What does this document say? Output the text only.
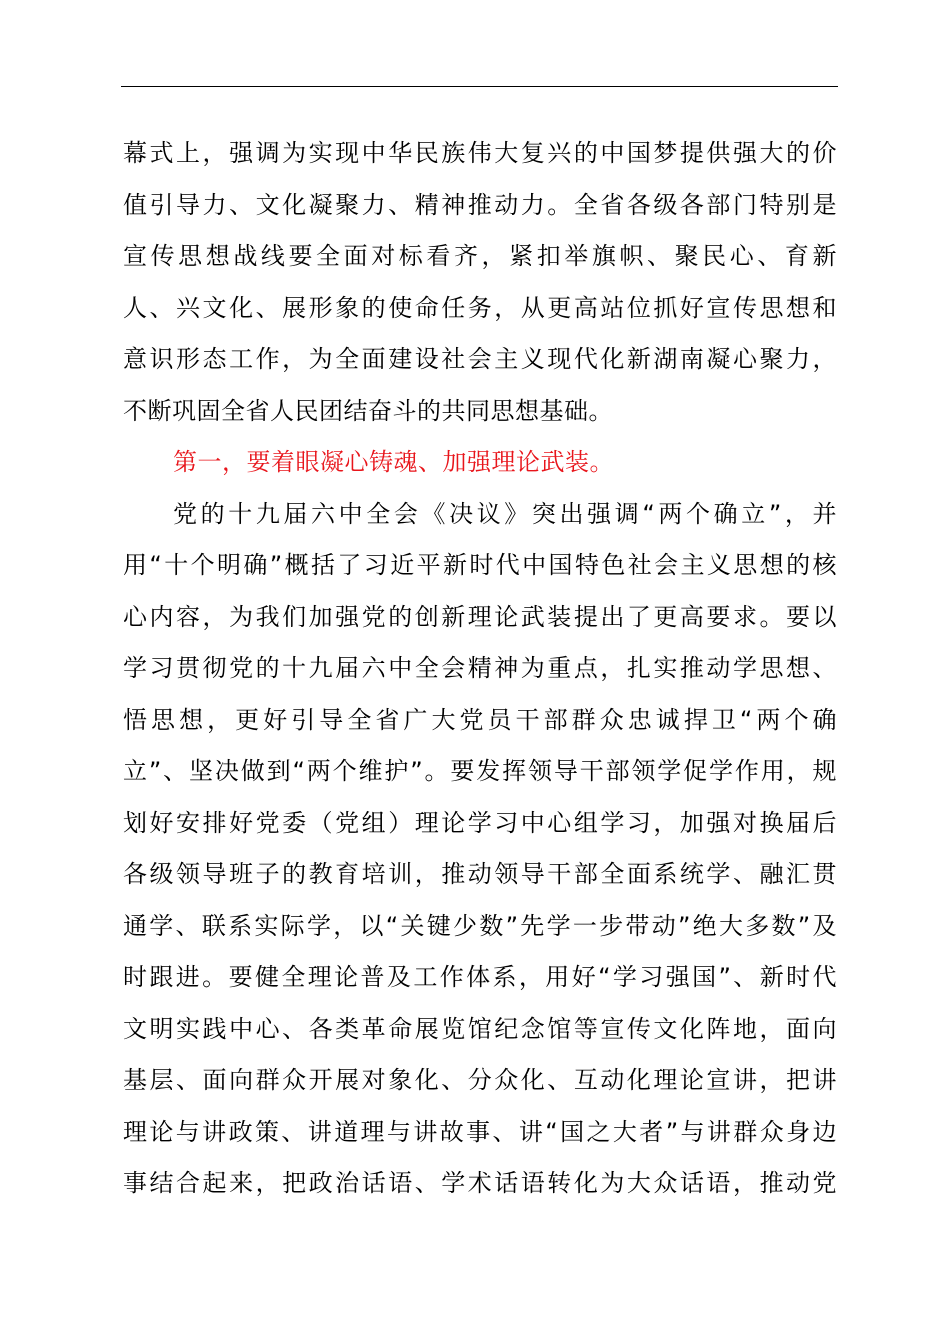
幕式上，强调为实现中华民族伟大复兴的中国梦提供强大的价
值引导力、文化凝聚力、精神推动力。全省各级各部门特别是
宣传思想战线要全面对标看齐，紧扣举旗帜、聚民心、育新
人、兴文化、展形象的使命任务，从更高站位抓好宣传思想和
意识形态工作，为全面建设社会主义现代化新湖南凝心聚力，
不断巩固全省人民团结奋斗的共同思想基础。
第一，要着眼凝心铸魂、加强理论武装。
党的十九届六中全会《决议》突出强调“两个确立”，并
用“十个明确”概括了习近平新时代中国特色社会主义思想的核
心内容，为我们加强党的创新理论武装提出了更高要求。要以
学习贯彻党的十九届六中全会精神为重点，扎实推动学思想、
悟思想，更好引导全省广大党员干部群众忠诚捍卫“两个确
立”、坚决做到“两个维护”。要发挥领导干部领学促学作用，规
划好安排好党委（党组）理论学习中心组学习，加强对换届后
各级领导班子的教育培训，推动领导干部全面系统学、融汇贯
通学、联系实际学，以“关键少数”先学一步带动”绝大多数”及
时跟进。要健全理论普及工作体系，用好“学习强国”、新时代
文明实践中心、各类革命展览馆纪念馆等宣传文化阵地，面向
基层、面向群众开展对象化、分众化、互动化理论宣讲，把讲
理论与讲政策、讲道理与讲故事、讲“国之大者”与讲群众身边
事结合起来，把政治话语、学术话语转化为大众话语，推动党
